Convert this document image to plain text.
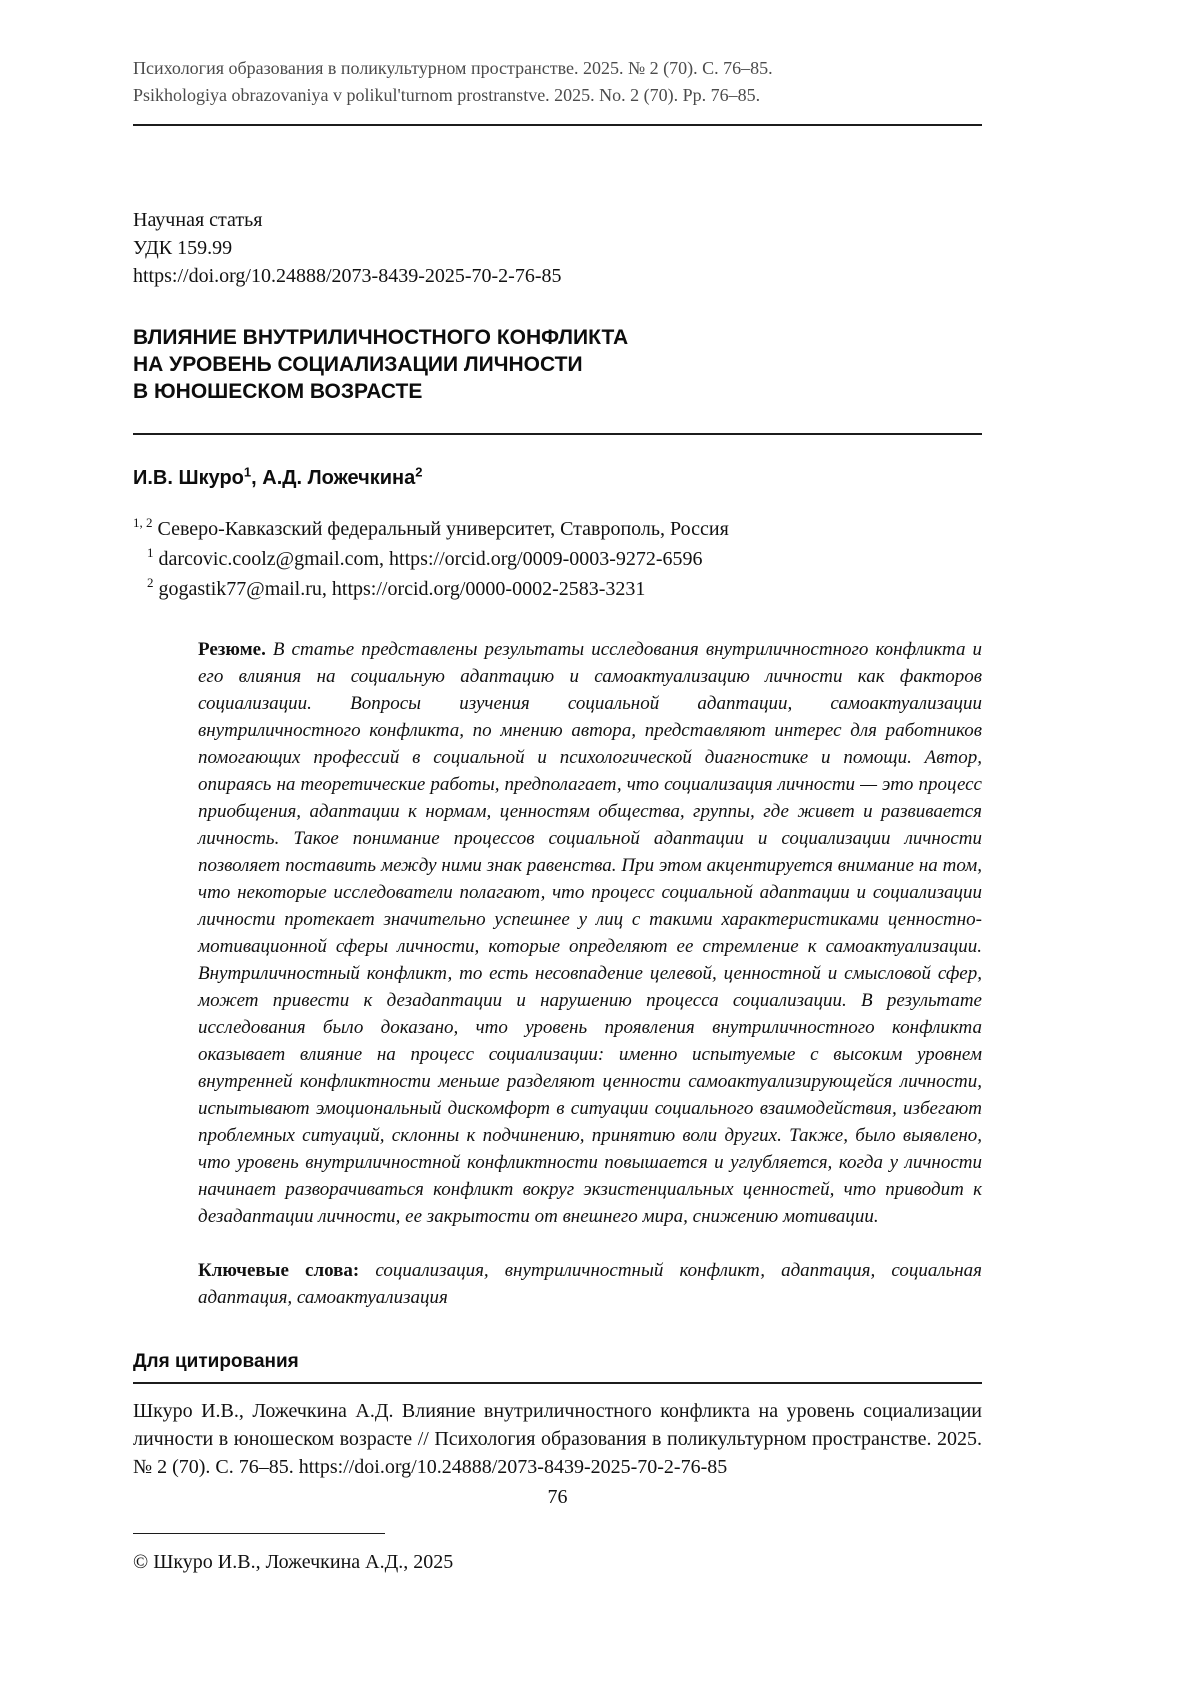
Психология образования в поликультурном пространстве. 2025. № 2 (70). С. 76–85.
Psikhologiya obrazovaniya v polikul'turnom prostranstve. 2025. No. 2 (70). Pp. 76–85.
Научная статья
УДК 159.99
https://doi.org/10.24888/2073-8439-2025-70-2-76-85
ВЛИЯНИЕ ВНУТРИЛИЧНОСТНОГО КОНФЛИКТА
НА УРОВЕНЬ СОЦИАЛИЗАЦИИ ЛИЧНОСТИ
В ЮНОШЕСКОМ ВОЗРАСТЕ
И.В. Шкуро$^1$, А.Д. Ложечкина$^2$
$^{1, 2}$ Северо-Кавказский федеральный университет, Ставрополь, Россия
$^1$ darcovic.coolz@gmail.com, https://orcid.org/0009-0003-9272-6596
$^2$ gogastik77@mail.ru, https://orcid.org/0000-0002-2583-3231

Резюме. В статье представлены результаты исследования внутриличностного конфликта и его влияния на социальную адаптацию и самоактуализацию личности как факторов социализации. Вопросы изучения социальной адаптации, самоактуализации внутриличностного конфликта, по мнению автора, представляют интерес для работников помогающих профессий в социальной и психологической диагностике и помощи. Автор, опираясь на теоретические работы, предполагает, что социализация личности — это процесс приобщения, адаптации к нормам, ценностям общества, группы, где живет и развивается личность. Такое понимание процессов социальной адаптации и социализации личности позволяет поставить между ними знак равенства. При этом акцентируется внимание на том, что некоторые исследователи полагают, что процесс социальной адаптации и социализации личности протекает значительно успешнее у лиц с такими характеристиками ценностно-мотивационной сферы личности, которые определяют ее стремление к самоактуализации. Внутриличностный конфликт, то есть несовпадение целевой, ценностной и смысловой сфер, может привести к дезадаптации и нарушению процесса социализации. В результате исследования было доказано, что уровень проявления внутриличностного конфликта оказывает влияние на процесс социализации: именно испытуемые с высоким уровнем внутренней конфликтности меньше разделяют ценности самоактуализирующейся личности, испытывают эмоциональный дискомфорт в ситуации социального взаимодействия, избегают проблемных ситуаций, склонны к подчинению, принятию воли других. Также, было выявлено, что уровень внутриличностной конфликтности повышается и углубляется, когда у личности начинает разворачиваться конфликт вокруг экзистенциальных ценностей, что приводит к дезадаптации личности, ее закрытости от внешнего мира, снижению мотивации.

Ключевые слова: социализация, внутриличностный конфликт, адаптация, социальная адаптация, самоактуализация

Для цитирования

Шкуро И.В., Ложечкина А.Д. Влияние внутриличностного конфликта на уровень социализации личности в юношеском возрасте // Психология образования в поликультурном пространстве. 2025. № 2 (70). С. 76–85. https://doi.org/10.24888/2073-8439-2025-70-2-76-85

© Шкуро И.В., Ложечкина А.Д., 2025
76
